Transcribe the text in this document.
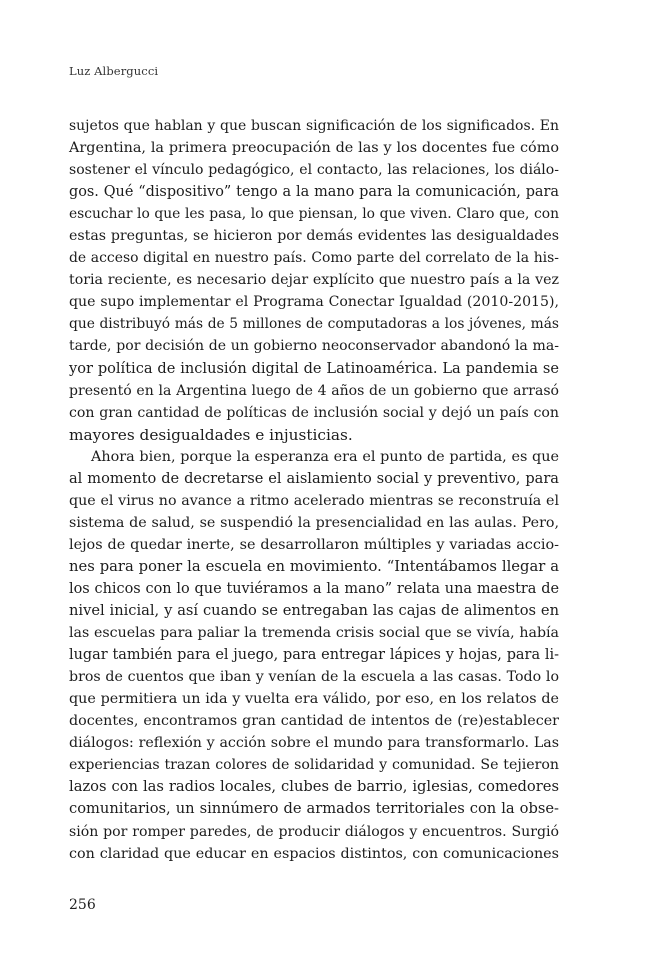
Luz Albergucci
sujetos que hablan y que buscan significación de los significados. En
Argentina, la primera preocupación de las y los docentes fue cómo
sostener el vínculo pedagógico, el contacto, las relaciones, los diálo-
gos. Qué “dispositivo” tengo a la mano para la comunicación, para
escuchar lo que les pasa, lo que piensan, lo que viven. Claro que, con
estas preguntas, se hicieron por demás evidentes las desigualdades
de acceso digital en nuestro país. Como parte del correlato de la his-
toria reciente, es necesario dejar explícito que nuestro país a la vez
que supo implementar el Programa Conectar Igualdad (2010-2015),
que distribuyó más de 5 millones de computadoras a los jóvenes, más
tarde, por decisión de un gobierno neoconservador abandonó la ma-
yor política de inclusión digital de Latinoamérica. La pandemia se
presentó en la Argentina luego de 4 años de un gobierno que arrasó
con gran cantidad de políticas de inclusión social y dejó un país con
mayores desigualdades e injusticias.
Ahora bien, porque la esperanza era el punto de partida, es que
al momento de decretarse el aislamiento social y preventivo, para
que el virus no avance a ritmo acelerado mientras se reconstruía el
sistema de salud, se suspendió la presencialidad en las aulas. Pero,
lejos de quedar inerte, se desarrollaron múltiples y variadas accio-
nes para poner la escuela en movimiento. “Intentábamos llegar a
los chicos con lo que tuviéramos a la mano” relata una maestra de
nivel inicial, y así cuando se entregaban las cajas de alimentos en
las escuelas para paliar la tremenda crisis social que se vivía, había
lugar también para el juego, para entregar lápices y hojas, para li-
bros de cuentos que iban y venían de la escuela a las casas. Todo lo
que permitiera un ida y vuelta era válido, por eso, en los relatos de
docentes, encontramos gran cantidad de intentos de (re)establecer
diálogos: reflexión y acción sobre el mundo para transformarlo. Las
experiencias trazan colores de solidaridad y comunidad. Se tejieron
lazos con las radios locales, clubes de barrio, iglesias, comedores
comunitarios, un sinnúmero de armados territoriales con la obse-
sión por romper paredes, de producir diálogos y encuentros. Surgió
con claridad que educar en espacios distintos, con comunicaciones
256
